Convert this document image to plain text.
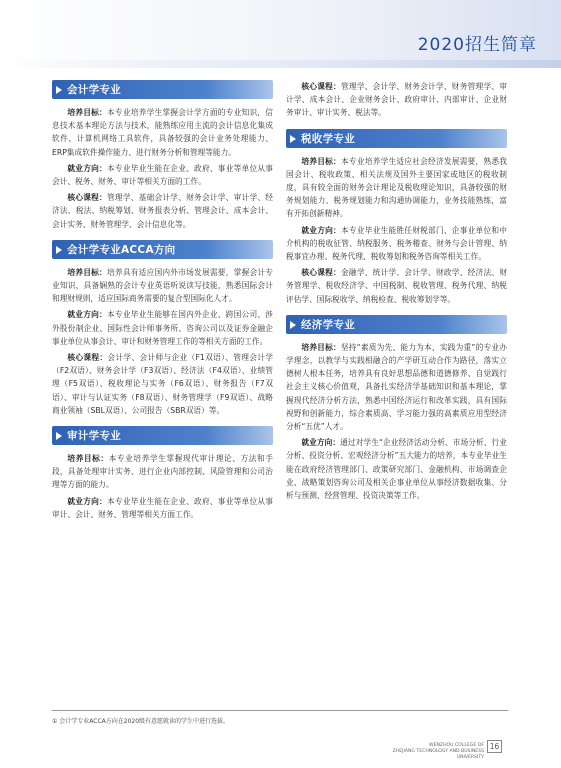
2020招生简章
会计学专业

培养目标：本专业培养学生掌握会计学方面的专业知识，信息技术基本理论方法与技术，能熟练应用主流的会计信息化集成软件、计算机网络工具软件，具备较强的会计业务处理能力、ERP集成软件操作能力、进行财务分析和管理等能力。

就业方向：本专业毕业生能在企业、政府、事业等单位从事会计、税务、财务、审计等相关方面的工作。

核心课程：管理学、基础会计学、财务会计学、审计学、经济法、税法、纳税筹划、财务报表分析、管理会计、成本会计、会计实务、财务管理学、会计信息化等。

会计学专业ACCA方向

培养目标：培养具有适应国内外市场发展需要，掌握会计专业知识，具备娴熟的会计专业英语听说读写技能，熟悉国际会计和理财规则，适应国际商务需要的复合型国际化人才。

就业方向：本专业毕业生能够在国内外企业、跨国公司、涉外股份制企业、国际性会计师事务所、咨询公司以及证券金融企事业单位从事会计、审计和财务管理工作的等相关方面的工作。

核心课程：会计学、会计师与企业（F1双语）、管理会计学（F2双语）、财务会计学（F3双语）、经济法（F4双语）、业绩管理（F5双语）、税收理论与实务（F6双语）、财务报告（F7双语）、审计与认证实务（F8双语）、财务管理学（F9双语）、战略商业领袖（SBL双语）、公司报告（SBR双语）等。

审计学专业

培养目标：本专业培养学生掌握现代审计理论、方法和手段，具备处理审计实务、进行企业内部控制、风险管理和公司治理等方面的能力。

就业方向：本专业毕业生能在企业、政府、事业等单位从事审计、会计、财务、管理等相关方面工作。

核心课程：管理学、会计学、财务会计学、财务管理学、审计学、成本会计、企业财务会计、政府审计、内部审计、企业财务审计、审计实务、税法等。

税收学专业

培养目标：本专业培养学生适应社会经济发展需要，熟悉我国会计、税收政策、相关法规及国外主要国家或地区的税收制度，具有较全面的财务会计理论及税收理论知识，具备较强的财务规划能力、税务规划能力和沟通协调能力，业务技能熟练，富有开拓创新精神。

就业方向：本专业毕业生能胜任财税部门、企事业单位和中介机构的税收征管、纳税服务、税务稽查、财务与会计管理、纳税事宜办理、税务代理、税收筹划和税务咨询等相关工作。

核心课程：金融学、统计学、会计学、财政学、经济法、财务管理学、税收经济学、中国税制、税收管理、税务代理、纳税评估学、国际税收学、纳税检查、税收筹划学等。

经济学专业

培养目标：坚持“素质为先、能力为本、实践为重”的专业办学理念，以教学与实践相融合的产学研互动合作为路径，落实立德树人根本任务，培养具有良好思想品德和道德修养、自觉践行社会主义核心价值观，具备扎实经济学基础知识和基本理论，掌握现代经济分析方法，熟悉中国经济运行和改革实践，具有国际视野和创新能力，综合素质高、学习能力强的高素质应用型经济分析“五优”人才。

就业方向：通过对学生“企业经济活动分析、市场分析、行业分析、投资分析、宏观经济分析”五大能力的培养，本专业毕业生能在政府经济管理部门、政策研究部门、金融机构、市场调查企业、战略策划咨询公司及相关企事业单位从事经济数据收集、分析与预测、经营管理、投资决策等工作。

① 会计学专业ACCA方向在2020级有意愿就读的学生中进行选拔。
WENZHOU COLLEGE OF
ZHEJIANG TECHNOLOGY AND BUSINESS UNIVERSITY
16
